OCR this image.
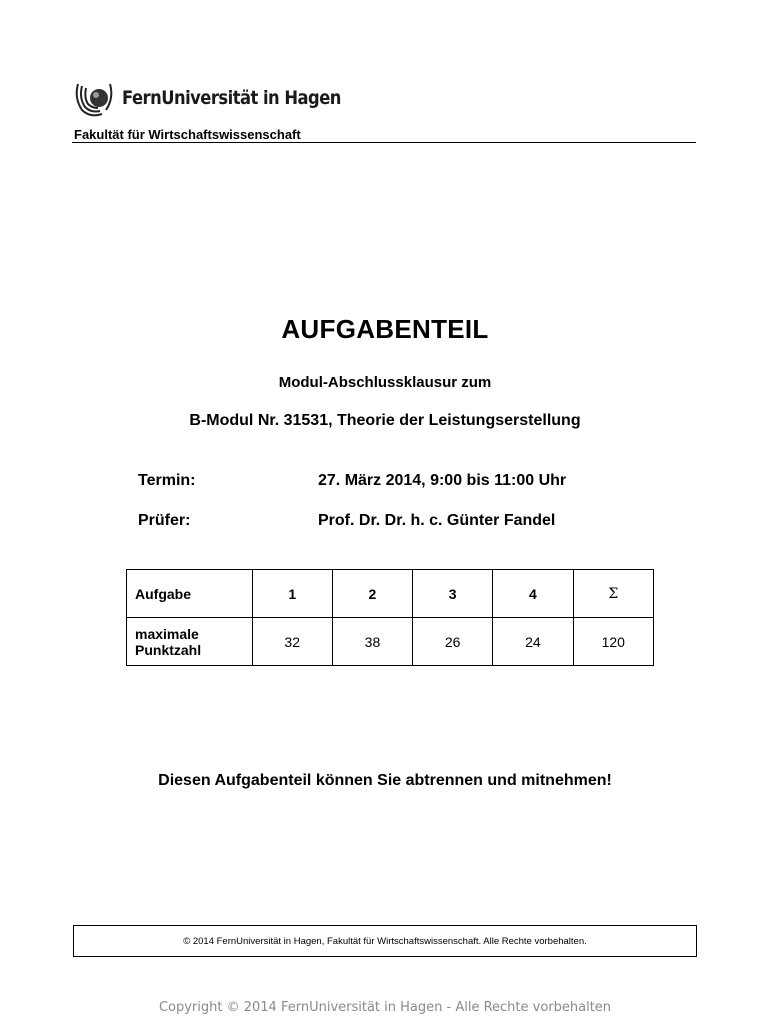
FernUniversität in Hagen
Fakultät für Wirtschaftswissenschaft
AUFGABENTEIL
Modul-Abschlussklausur zum
B-Modul Nr. 31531, Theorie der Leistungserstellung
Termin:	27. März 2014, 9:00 bis 11:00 Uhr
Prüfer:	Prof. Dr. Dr. h. c. Günter Fandel
Aufgabe	1	2	3	4	Σ

maximale
Punktzahl	32	38	26	24	120
Diesen Aufgabenteil können Sie abtrennen und mitnehmen!
© 2014 FernUniversität in Hagen, Fakultät für Wirtschaftswissenschaft. Alle Rechte vorbehalten.
Copyright © 2014 FernUniversität in Hagen - Alle Rechte vorbehalten
